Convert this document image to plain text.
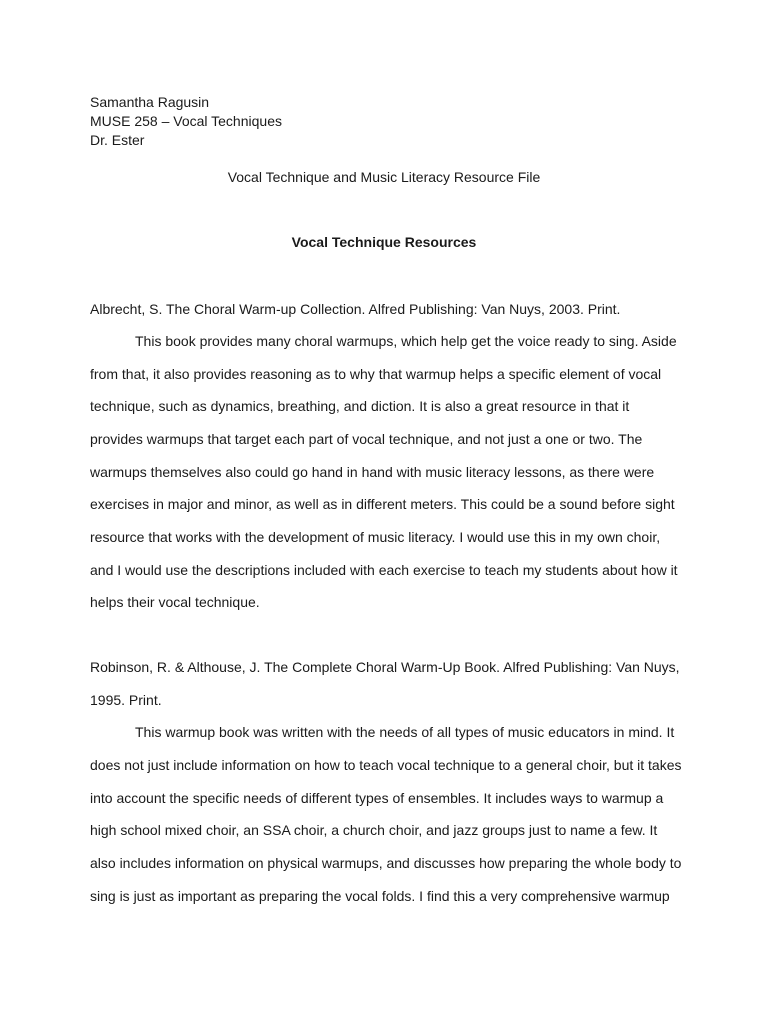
Samantha Ragusin
MUSE 258 – Vocal Techniques
Dr. Ester
Vocal Technique and Music Literacy Resource File
Vocal Technique Resources
Albrecht, S. The Choral Warm-up Collection. Alfred Publishing: Van Nuys, 2003. Print.
This book provides many choral warmups, which help get the voice ready to sing. Aside
from that, it also provides reasoning as to why that warmup helps a specific element of vocal
technique, such as dynamics, breathing, and diction. It is also a great resource in that it
provides warmups that target each part of vocal technique, and not just a one or two. The
warmups themselves also could go hand in hand with music literacy lessons, as there were
exercises in major and minor, as well as in different meters. This could be a sound before sight
resource that works with the development of music literacy. I would use this in my own choir,
and I would use the descriptions included with each exercise to teach my students about how it
helps their vocal technique.
Robinson, R. & Althouse, J. The Complete Choral Warm-Up Book. Alfred Publishing: Van Nuys,
1995. Print.
This warmup book was written with the needs of all types of music educators in mind. It
does not just include information on how to teach vocal technique to a general choir, but it takes
into account the specific needs of different types of ensembles. It includes ways to warmup a
high school mixed choir, an SSA choir, a church choir, and jazz groups just to name a few. It
also includes information on physical warmups, and discusses how preparing the whole body to
sing is just as important as preparing the vocal folds. I find this a very comprehensive warmup
